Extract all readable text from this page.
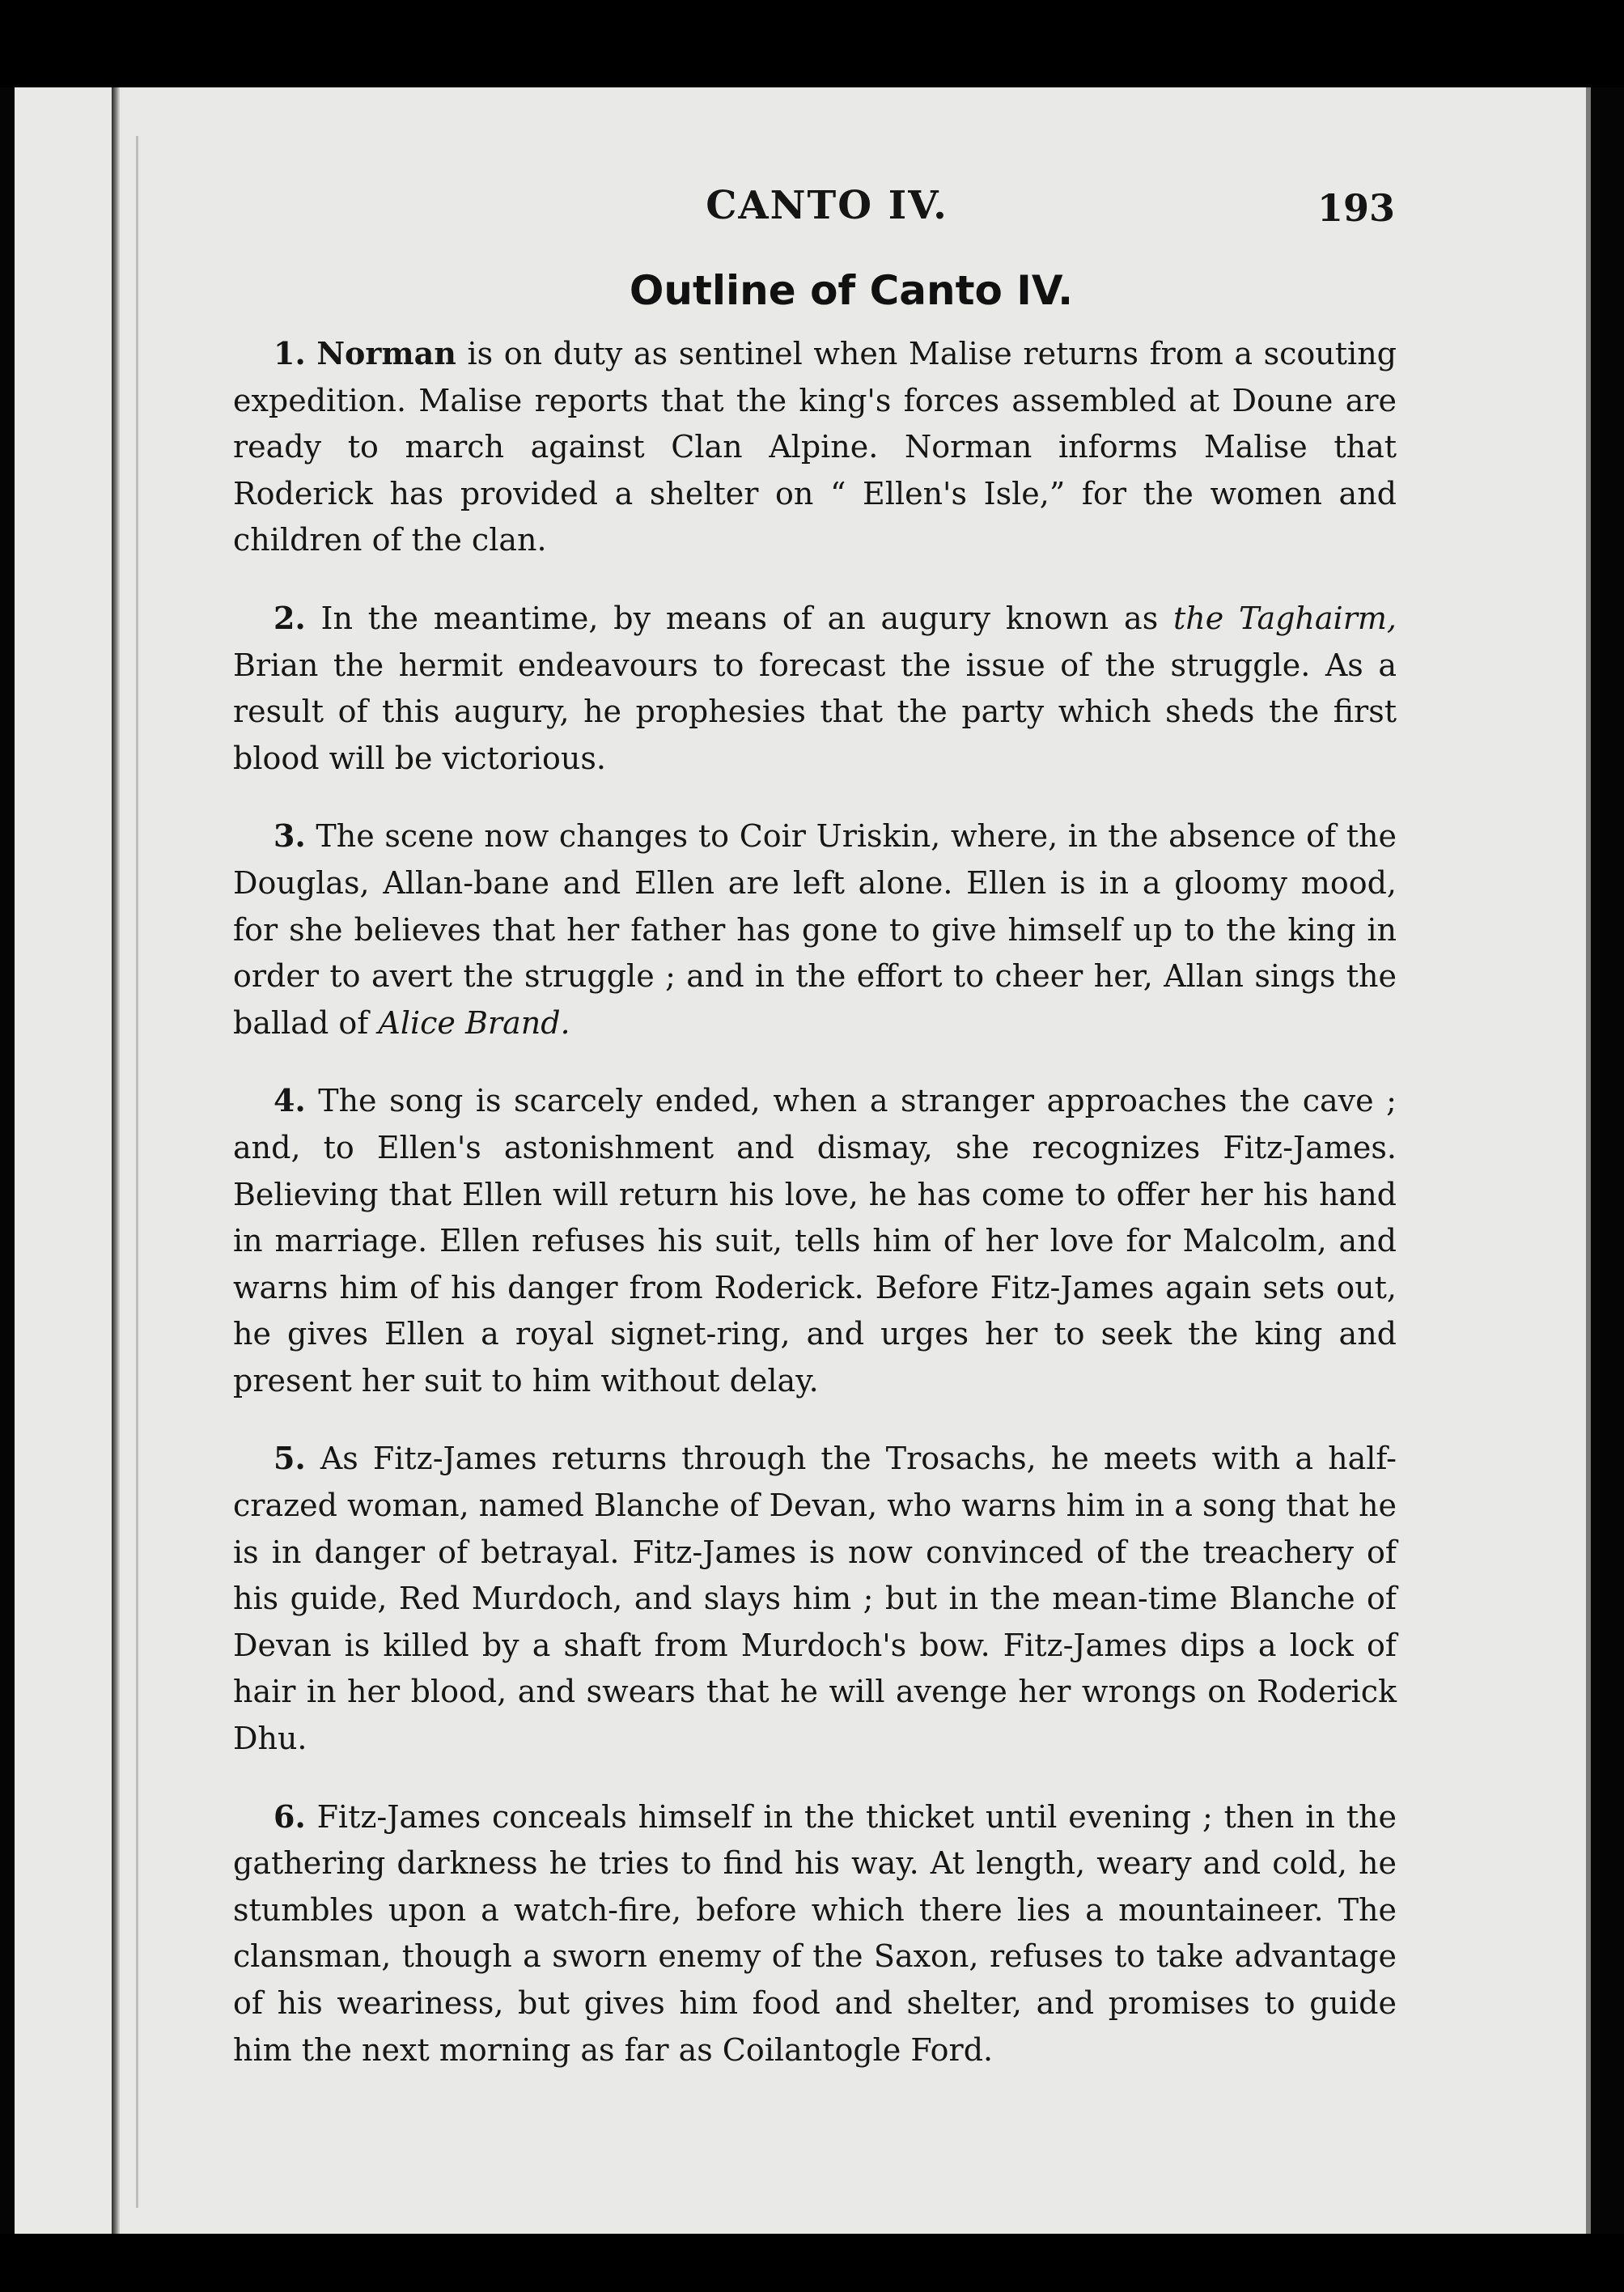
CANTO IV.	193
Outline of Canto IV.

1. Norman is on duty as sentinel when Malise returns from a scouting expedition. Malise reports that the king's forces assembled at Doune are ready to march against Clan Alpine. Norman informs Malise that Roderick has provided a shelter on “ Ellen's Isle,” for the women and children of the clan.

2. In the meantime, by means of an augury known as the Taghairm, Brian the hermit endeavours to forecast the issue of the struggle. As a result of this augury, he prophesies that the party which sheds the first blood will be victorious.

3. The scene now changes to Coir Uriskin, where, in the absence of the Douglas, Allan-bane and Ellen are left alone. Ellen is in a gloomy mood, for she believes that her father has gone to give himself up to the king in order to avert the struggle ; and in the effort to cheer her, Allan sings the ballad of Alice Brand.

4. The song is scarcely ended, when a stranger approaches the cave ; and, to Ellen's astonishment and dismay, she recognizes Fitz-James. Believing that Ellen will return his love, he has come to offer her his hand in marriage. Ellen refuses his suit, tells him of her love for Malcolm, and warns him of his danger from Roderick. Before Fitz-James again sets out, he gives Ellen a royal signet-ring, and urges her to seek the king and present her suit to him without delay.

5. As Fitz-James returns through the Trosachs, he meets with a half-crazed woman, named Blanche of Devan, who warns him in a song that he is in danger of betrayal. Fitz-James is now convinced of the treachery of his guide, Red Murdoch, and slays him ; but in the mean-time Blanche of Devan is killed by a shaft from Murdoch's bow. Fitz-James dips a lock of hair in her blood, and swears that he will avenge her wrongs on Roderick Dhu.

6. Fitz-James conceals himself in the thicket until evening ; then in the gathering darkness he tries to find his way. At length, weary and cold, he stumbles upon a watch-fire, before which there lies a mountaineer. The clansman, though a sworn enemy of the Saxon, refuses to take advantage of his weariness, but gives him food and shelter, and promises to guide him the next morning as far as Coilantogle Ford.
